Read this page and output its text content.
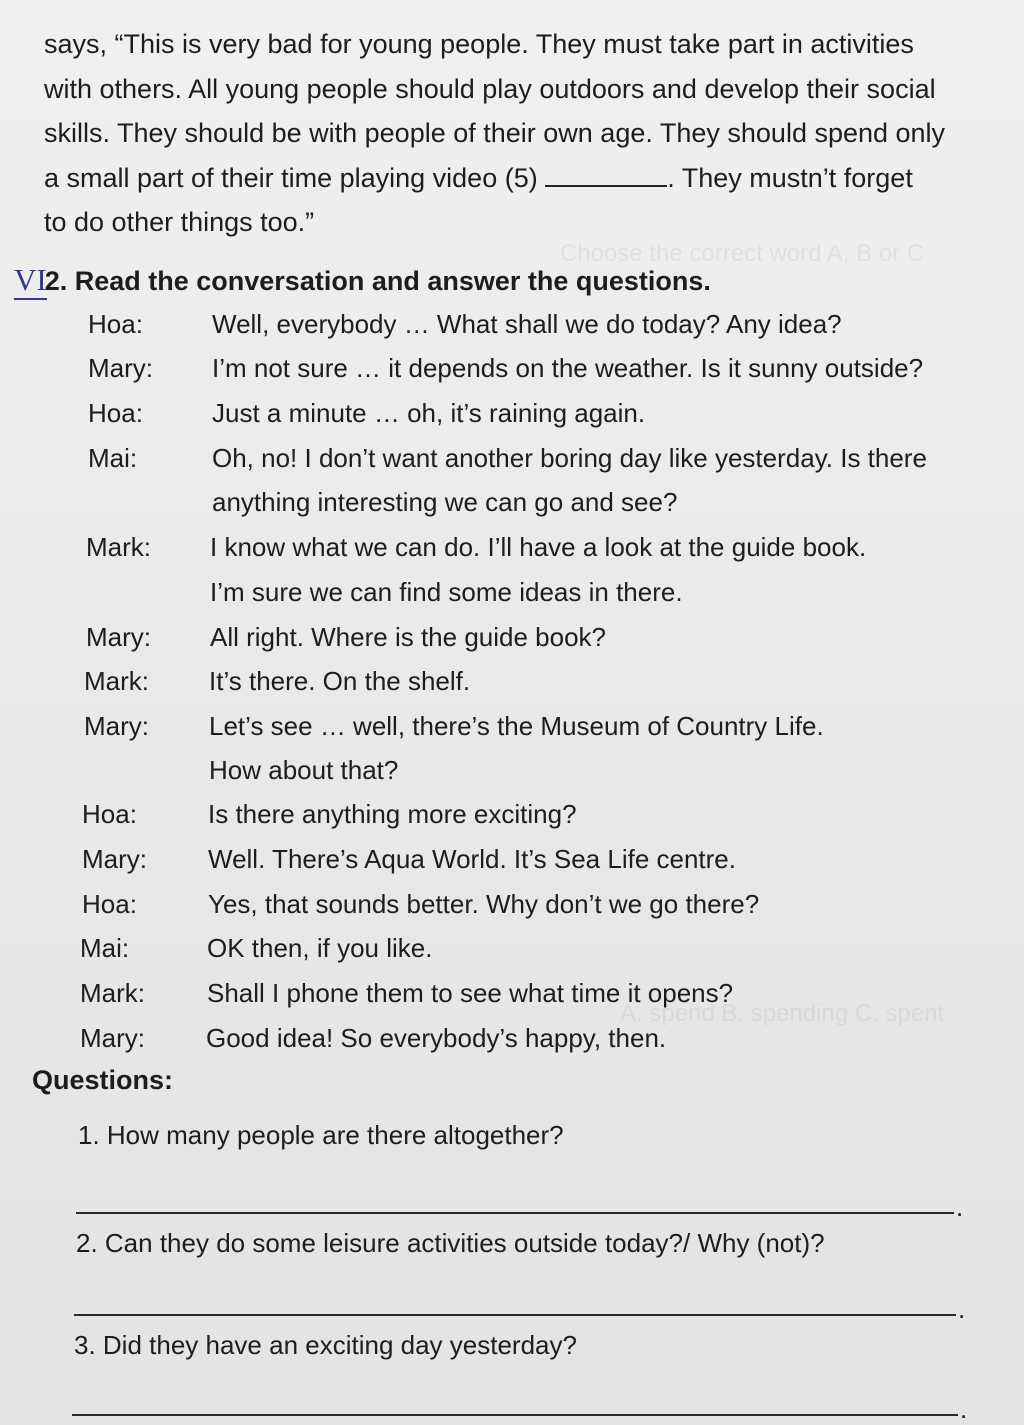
Choose the correct word A, B or C
A. spend B. spending C. spent
says, “This is very bad for young people. They must take part in activities
with others. All young people should play outdoors and develop their social
skills. They should be with people of their own age. They should spend only
a small part of their time playing video (5)	. They mustn’t forget
to do other things too.”
VI2. Read the conversation and answer the questions.
Hoa:	Well, everybody … What shall we do today? Any idea?
Mary: I’m not sure … it depends on the weather. Is it sunny outside?
Hoa:	Just a minute … oh, it’s raining again.
Mai:	Oh, no! I don’t want another boring day like yesterday. Is there
anything interesting we can go and see?
Mark: I know what we can do. I’ll have a look at the guide book.
I’m sure we can find some ideas in there.
Mary: All right. Where is the guide book?
Mark: It’s there. On the shelf.
Mary: Let’s see … well, there’s the Museum of Country Life.
How about that?
Hoa:	Is there anything more exciting?
Mary: Well. There’s Aqua World. It’s Sea Life centre.
Hoa:	Yes, that sounds better. Why don’t we go there?
Mai:	OK then, if you like.
Mark: Shall I phone them to see what time it opens?
Mary: Good idea! So everybody’s happy, then.
Questions:
1. How many people are there altogether?
.
2. Can they do some leisure activities outside today?/ Why (not)?
.
3. Did they have an exciting day yesterday?
.
